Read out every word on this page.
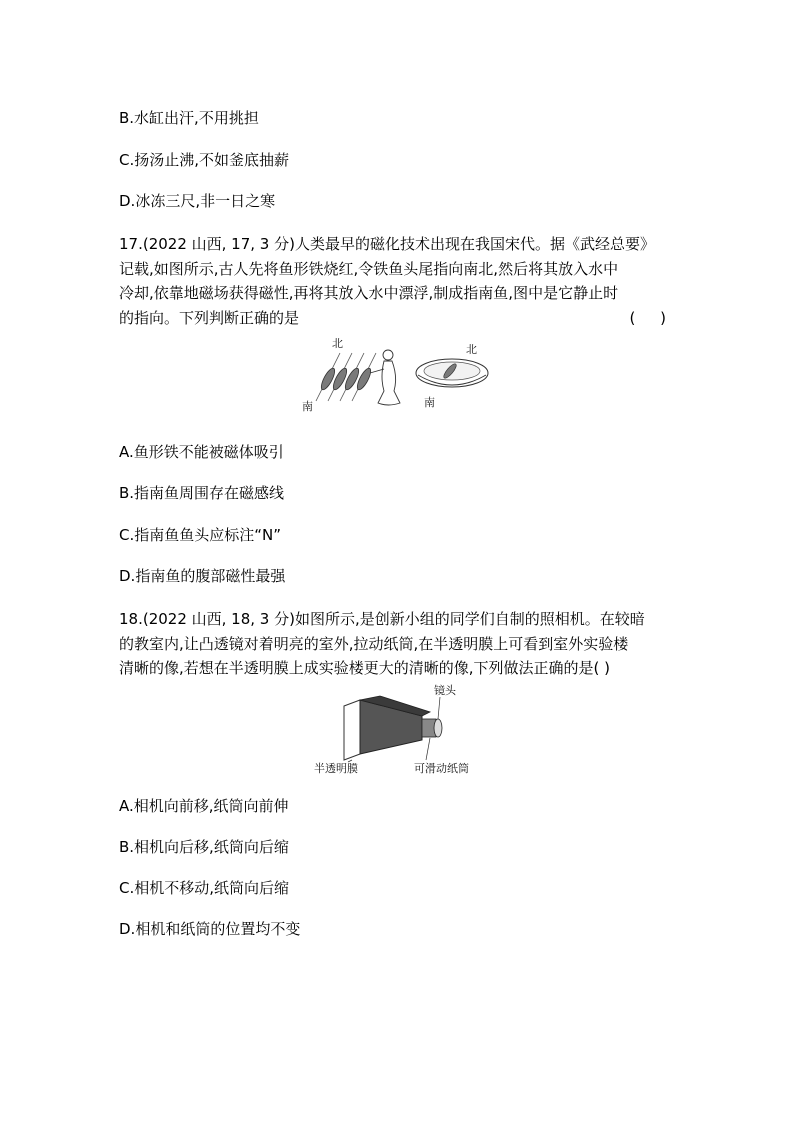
B.水缸出汗,不用挑担
C.扬汤止沸,不如釜底抽薪
D.冰冻三尺,非一日之寒
17.(2022 山西, 17, 3 分)人类最早的磁化技术出现在我国宋代。据《武经总要》
记载,如图所示,古人先将鱼形铁烧红,令铁鱼头尾指向南北,然后将其放入水中
冷却,依靠地磁场获得磁性,再将其放入水中漂浮,制成指南鱼,图中是它静止时
的指向。下列判断正确的是	( )
北
南
北
南
A.鱼形铁不能被磁体吸引
B.指南鱼周围存在磁感线
C.指南鱼鱼头应标注“N”
D.指南鱼的腹部磁性最强
18.(2022 山西, 18, 3 分)如图所示,是创新小组的同学们自制的照相机。在较暗
的教室内,让凸透镜对着明亮的室外,拉动纸筒,在半透明膜上可看到室外实验楼
清晰的像,若想在半透明膜上成实验楼更大的清晰的像,下列做法正确的是( )
镜头
半透明膜	可滑动纸筒
A.相机向前移,纸筒向前伸
B.相机向后移,纸筒向后缩
C.相机不移动,纸筒向后缩
D.相机和纸筒的位置均不变
